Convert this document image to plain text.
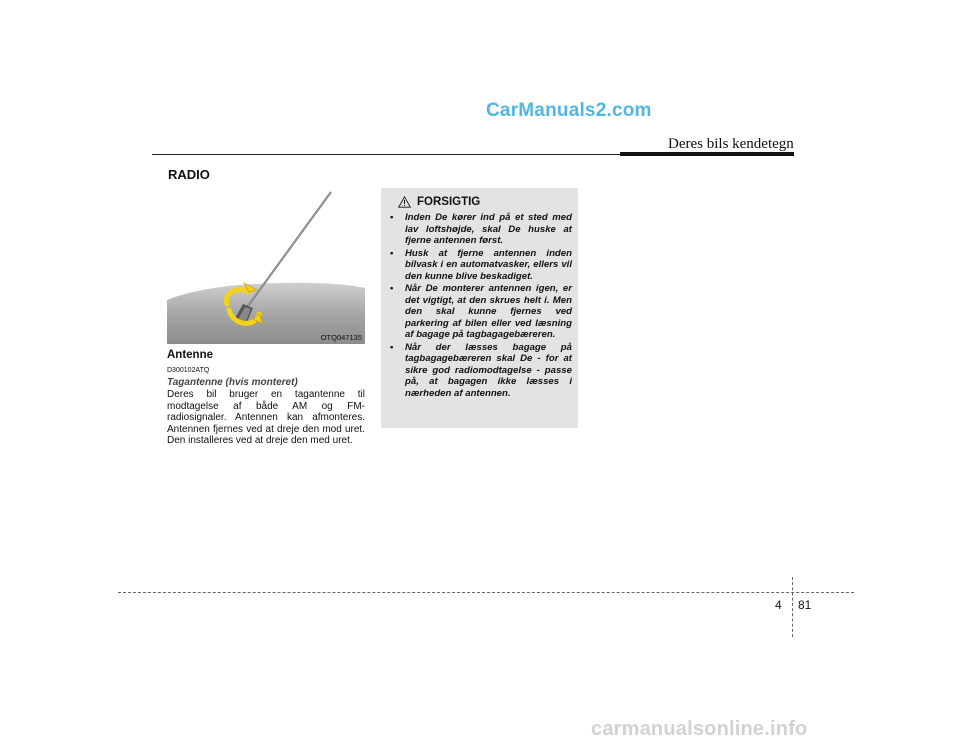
CarManuals2.com
Deres bils kendetegn
RADIO
OTQ047135

Antenne

D300102ATQ

Tagantenne (hvis monteret)

Deres bil bruger en tagantenne til modtagelse af både AM og FM-radiosignaler. Antennen kan afmonteres. Antennen fjernes ved at dreje den mod uret. Den installeres ved at dreje den med uret.

FORSIGTIG
• Inden De kører ind på et sted med lav loftshøjde, skal De huske at fjerne antennen først.
• Husk at fjerne antennen inden bilvask i en automatvasker, ellers vil den kunne blive beskadiget.
• Når De monterer antennen igen, er det vigtigt, at den skrues helt i. Men den skal kunne fjernes ved parkering af bilen eller ved læsning af bagage på tagbagagebæreren.
• Når der læsses bagage på tagbagagebæreren skal De - for at sikre god radiomodtagelse - passe på, at bagagen ikke læsses i nærheden af antennen.
4 81
carmanualsonline.info
